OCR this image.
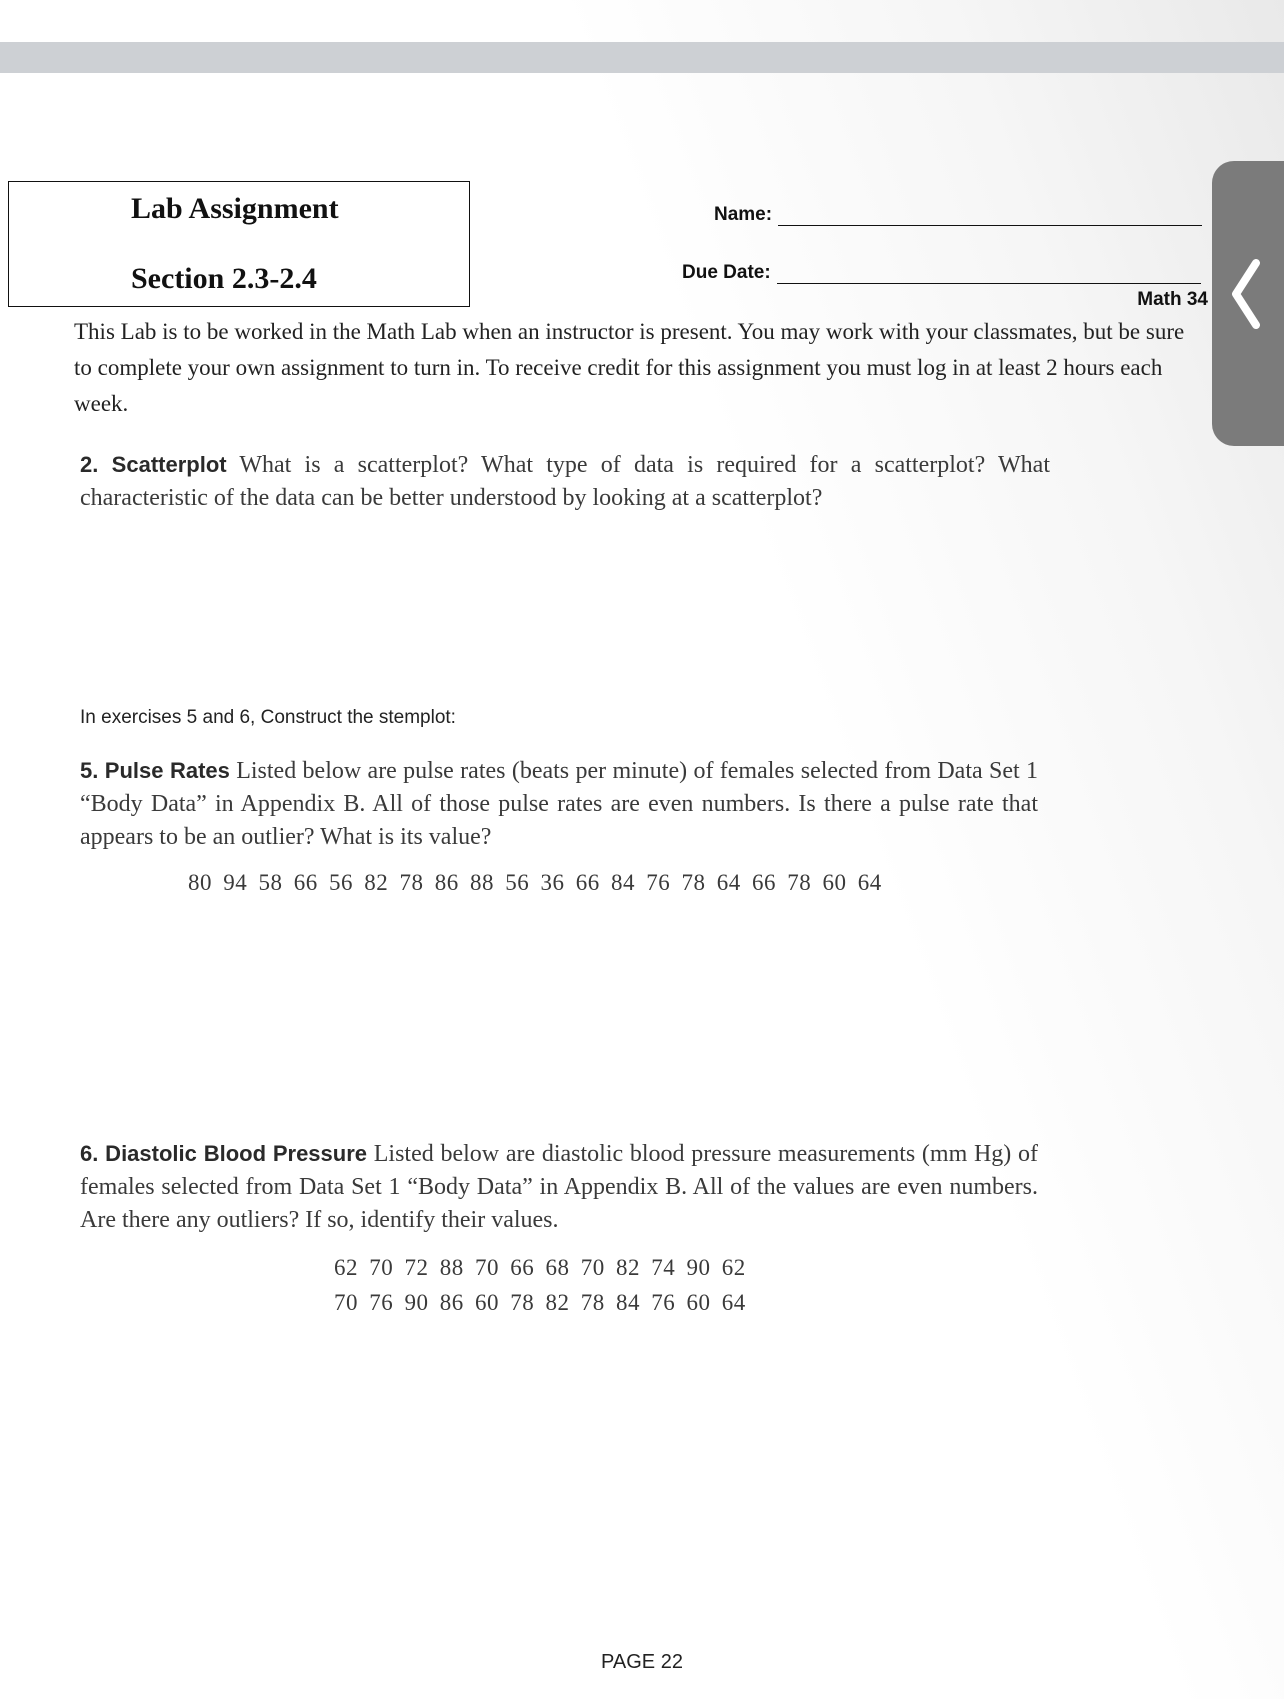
Lab Assignment
Section 2.3-2.4
Name:
Due Date:
Math 34
This Lab is to be worked in the Math Lab when an instructor is present. You may work with your classmates, but be sure to complete your own assignment to turn in. To receive credit for this assignment you must log in at least 2 hours each week.
2. Scatterplot What is a scatterplot? What type of data is required for a scatterplot? What characteristic of the data can be better understood by looking at a scatterplot?
In exercises 5 and 6, Construct the stemplot:
5. Pulse Rates Listed below are pulse rates (beats per minute) of females selected from Data Set 1 “Body Data” in Appendix B. All of those pulse rates are even numbers. Is there a pulse rate that appears to be an outlier? What is its value?
80 94 58 66 56 82 78 86 88 56 36 66 84 76 78 64 66 78 60 64
6. Diastolic Blood Pressure Listed below are diastolic blood pressure measurements (mm Hg) of females selected from Data Set 1 “Body Data” in Appendix B. All of the values are even numbers. Are there any outliers? If so, identify their values.
62 70 72 88 70 66 68 70 82 74 90 62
70 76 90 86 60 78 82 78 84 76 60 64
PAGE 22
